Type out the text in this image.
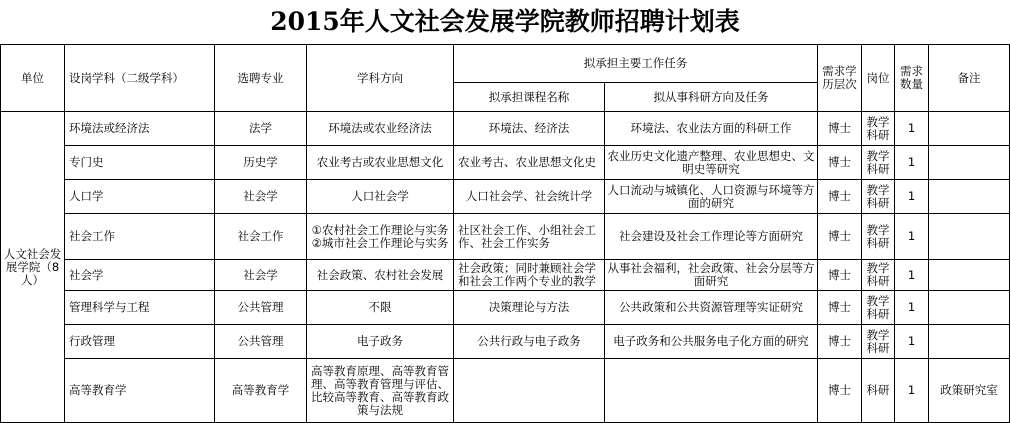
2015年人文社会发展学院教师招聘计划表
单位	设岗学科（二级学科）	选聘专业	学科方向	拟承担主要工作任务		需求学历层次	岗位	需求数量	备注
				拟承担课程名称	拟从事科研方向及任务				
人文社会发展学院（8人）	环境法或经济法	法学	环境法或农业经济法	环境法、经济法	环境法、农业法方面的科研工作	博士	教学科研	1	
	专门史	历史学	农业考古或农业思想文化	农业考古、农业思想文化史	农业历史文化遗产整理、农业思想史、文明史等研究	博士	教学科研	1	
	人口学	社会学	人口社会学	人口社会学、社会统计学	人口流动与城镇化、人口资源与环境等方面的研究	博士	教学科研	1	
	社会工作	社会工作	①农村社会工作理论与实务②城市社会工作理论与实务	社区社会工作、小组社会工作、社会工作实务	社会建设及社会工作理论等方面研究	博士	教学科研	1	
	社会学	社会学	社会政策、农村社会发展	社会政策；同时兼顾社会学和社会工作两个专业的教学	从事社会福利，社会政策、社会分层等方面研究	博士	教学科研	1	
	管理科学与工程	公共管理	不限	决策理论与方法	公共政策和公共资源管理等实证研究	博士	教学科研	1	
	行政管理	公共管理	电子政务	公共行政与电子政务	电子政务和公共服务电子化方面的研究	博士	教学科研	1	
	高等教育学	高等教育学	高等教育原理、高等教育管理、高等教育管理与评估、比较高等教育、高等教育政策与法规			博士	科研	1	政策研究室
